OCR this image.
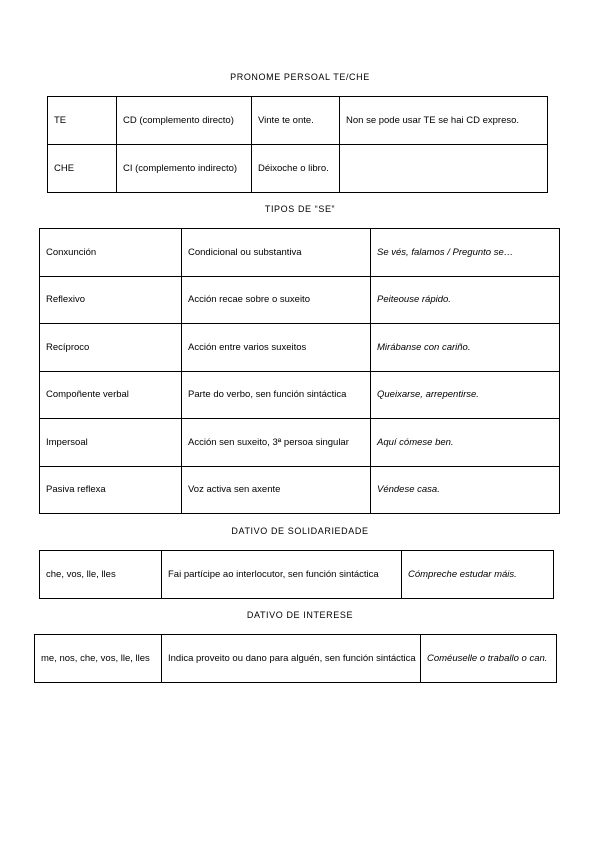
PRONOME PERSOAL TE/CHE
TE	CD (complemento directo)	Vinte te onte.	Non se pode usar TE se hai CD expreso.
CHE	CI (complemento indirecto)	Déixoche o libro.	
TIPOS DE “SE”
Conxunción	Condicional ou substantiva	Se vés, falamos / Pregunto se…
Reflexivo	Acción recae sobre o suxeito	Peiteouse rápido.
Recíproco	Acción entre varios suxeitos	Mirábanse con cariño.
Compoñente verbal	Parte do verbo, sen función sintáctica	Queixarse, arrepentirse.
Impersoal	Acción sen suxeito, 3ª persoa singular	Aquí cómese ben.
Pasiva reflexa	Voz activa sen axente	Véndese casa.
DATIVO DE SOLIDARIEDADE
che, vos, lle, lles	Fai partícipe ao interlocutor, sen función sintáctica	Cómpreche estudar máis.
DATIVO DE INTERESE
me, nos, che, vos, lle, lles	Indica proveito ou dano para alguén, sen función sintáctica	Coméuselle o traballo o can.
